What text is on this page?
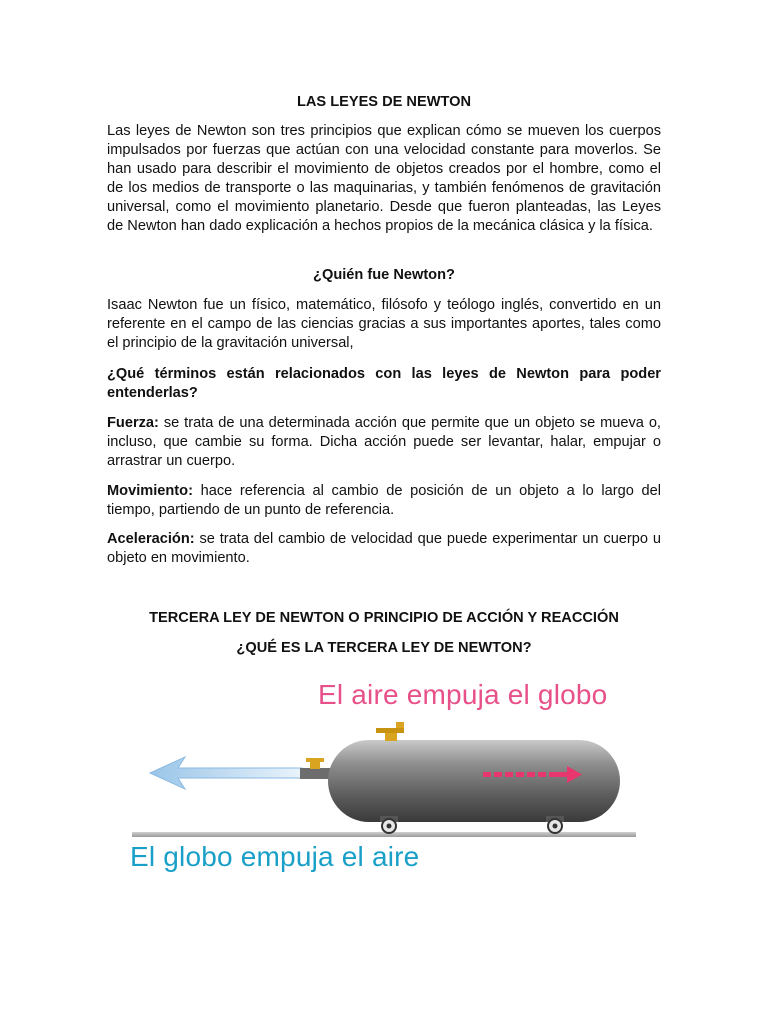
LAS LEYES DE NEWTON

Las leyes de Newton son tres principios que explican cómo se mueven los cuerpos impulsados por fuerzas que actúan con una velocidad constante para moverlos. Se han usado para describir el movimiento de objetos creados por el hombre, como el de los medios de transporte o las maquinarias, y también fenómenos de gravitación universal, como el movimiento planetario. Desde que fueron planteadas, las Leyes de Newton han dado explicación a hechos propios de la mecánica clásica y la física.

¿Quién fue Newton?

Isaac Newton fue un físico, matemático, filósofo y teólogo inglés, convertido en un referente en el campo de las ciencias gracias a sus importantes aportes, tales como el principio de la gravitación universal,

¿Qué términos están relacionados con las leyes de Newton para poder entenderlas?

Fuerza: se trata de una determinada acción que permite que un objeto se mueva o, incluso, que cambie su forma. Dicha acción puede ser levantar, halar, empujar o arrastrar un cuerpo.

Movimiento: hace referencia al cambio de posición de un objeto a lo largo del tiempo, partiendo de un punto de referencia.

Aceleración: se trata del cambio de velocidad que puede experimentar un cuerpo u objeto en movimiento.

TERCERA LEY DE NEWTON O PRINCIPIO DE ACCIÓN Y REACCIÓN
¿QUÉ ES LA TERCERA LEY DE NEWTON?
El aire empuja el globo
El globo empuja el aire
